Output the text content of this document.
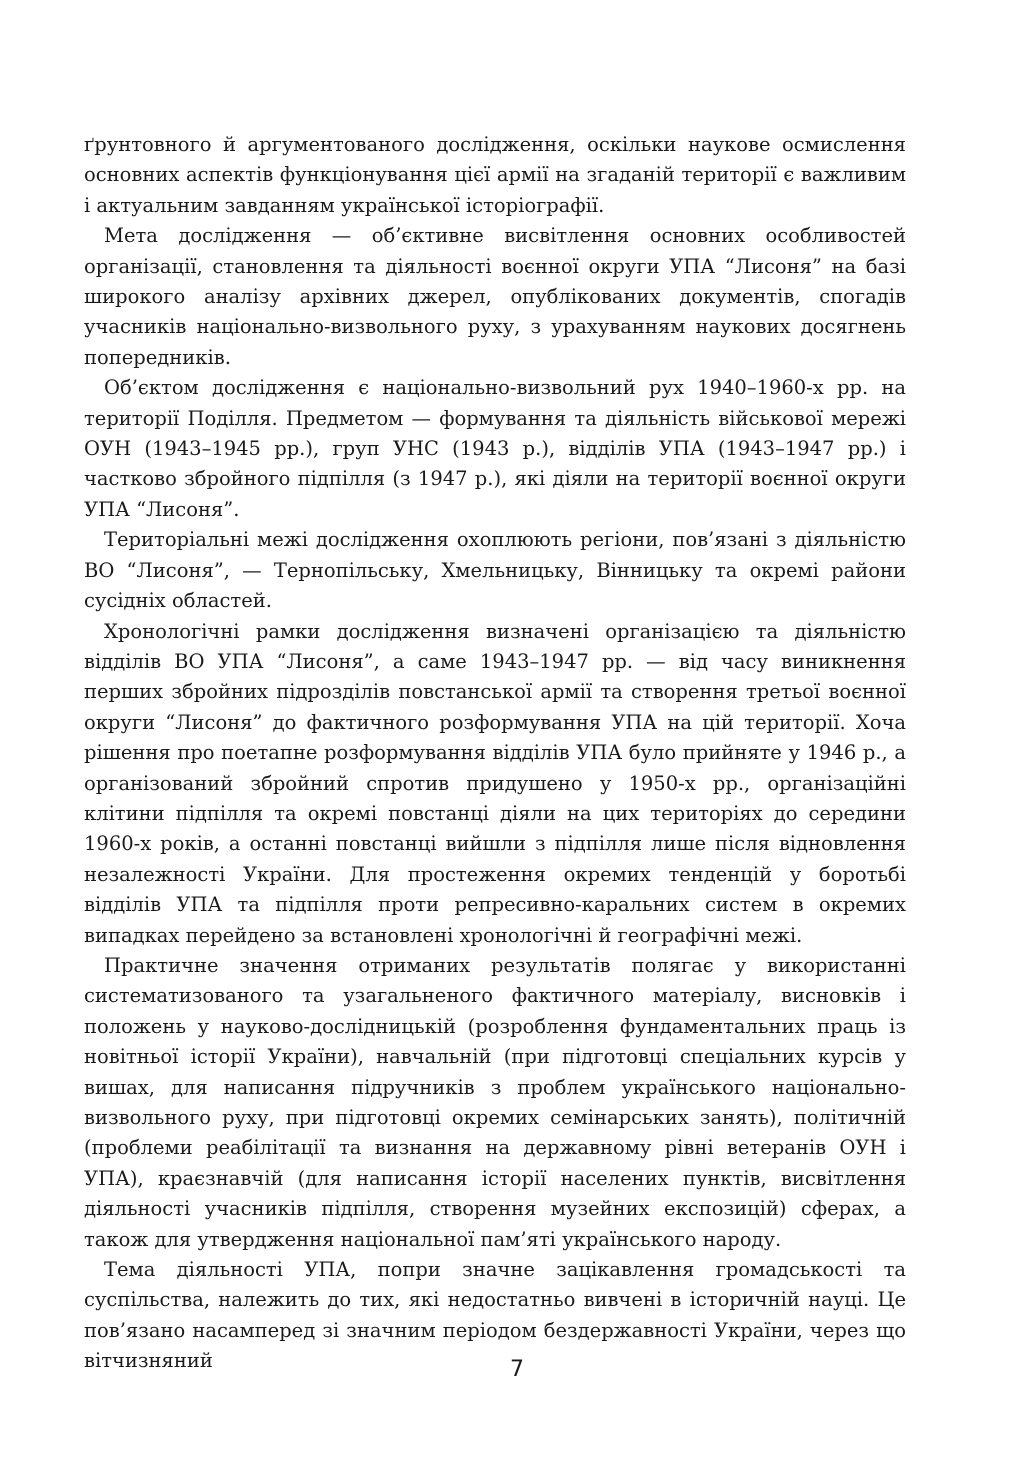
ґрунтовного й аргументованого дослідження, оскільки наукове осмислення основних аспектів функціонування цієї армії на згаданій території є важливим і актуальним завданням української історіографії.

Мета дослідження — об’єктивне висвітлення основних особливостей організації, становлення та діяльності воєнної округи УПА “Лисоня” на базі широкого аналізу архівних джерел, опублікованих документів, спогадів учасників національно-визвольного руху, з урахуванням наукових досягнень попередників.

Об’єктом дослідження є національно-визвольний рух 1940–1960-х рр. на території Поділля. Предметом — формування та діяльність військової мережі ОУН (1943–1945 рр.), груп УНС (1943 р.), відділів УПА (1943–1947 рр.) і частково збройного підпілля (з 1947 р.), які діяли на території воєнної округи УПА “Лисоня”.

Територіальні межі дослідження охоплюють регіони, пов’язані з діяльністю ВО “Лисоня”, — Тернопільську, Хмельницьку, Вінницьку та окремі райони сусідніх областей.

Хронологічні рамки дослідження визначені організацією та діяльністю відділів ВО УПА “Лисоня”, а саме 1943–1947 рр. — від часу виникнення перших збройних підрозділів повстанської армії та створення третьої воєнної округи “Лисоня” до фактичного розформування УПА на цій території. Хоча рішення про поетапне розформування відділів УПА було прийняте у 1946 р., а організований збройний спротив придушено у 1950-х рр., організаційні клітини підпілля та окремі повстанці діяли на цих територіях до середини 1960-х років, а останні повстанці вийшли з підпілля лише після відновлення незалежності України. Для простеження окремих тенденцій у боротьбі відділів УПА та підпілля проти репресивно-каральних систем в окремих випадках перейдено за встановлені хронологічні й географічні межі.

Практичне значення отриманих результатів полягає у використанні систематизованого та узагальненого фактичного матеріалу, висновків і положень у науково-дослідницькій (розроблення фундаментальних праць із новітньої історії України), навчальній (при підготовці спеціальних курсів у вишах, для написання підручників з проблем українського національно-визвольного руху, при підготовці окремих семінарських занять), політичній (проблеми реабілітації та визнання на державному рівні ветеранів ОУН і УПА), краєзнавчій (для написання історії населених пунктів, висвітлення діяльності учасників підпілля, створення музейних експозицій) сферах, а також для утвердження національної пам’яті українського народу.

Тема діяльності УПА, попри значне зацікавлення громадськості та суспільства, належить до тих, які недостатньо вивчені в історичній науці. Це пов’язано насамперед зі значним періодом бездержавності України, через що вітчизняний	7
